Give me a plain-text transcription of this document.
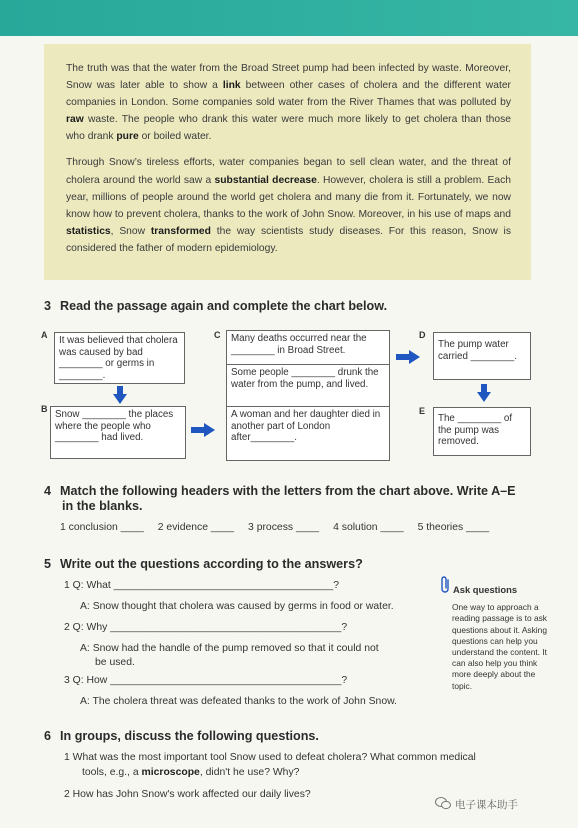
The truth was that the water from the Broad Street pump had been infected by waste. Moreover, Snow was later able to show a link between other cases of cholera and the different water companies in London. Some companies sold water from the River Thames that was polluted by raw waste. The people who drank this water were much more likely to get cholera than those who drank pure or boiled water.

Through Snow’s tireless efforts, water companies began to sell clean water, and the threat of cholera around the world saw a substantial decrease. However, cholera is still a problem. Each year, millions of people around the world get cholera and many die from it. Fortunately, we now know how to prevent cholera, thanks to the work of John Snow. Moreover, in his use of maps and statistics, Snow transformed the way scientists study diseases. For this reason, Snow is considered the father of modern epidemiology.

3 Read the passage again and complete the chart below.
A	It was believed that cholera was caused by bad ________ or germs in ________.
B Snow ________ the places where the people who ________ had lived.
C	Many deaths occurred near the ________ in Broad Street.
Some people ________ drunk the water from the pump, and lived.
A woman and her daughter died in another part of London after________.
D
The pump water carried ________.
E
The ________ of the pump was removed.
4 Match the following headers with the letters from the chart above. Write A–E
in the blanks.
1 conclusion ____ 2 evidence ____ 3 process ____ 4 solution ____ 5 theories ____
5 Write out the questions according to the answers?
1 Q: What ______________________________________?
A: Snow thought that cholera was caused by germs in food or water.
2 Q: Why ________________________________________?
A: Snow had the handle of the pump removed so that it could not
be used.
3 Q: How ________________________________________?
A: The cholera threat was defeated thanks to the work of John Snow.
Ask questions
One way to approach a reading passage is to ask questions about it. Asking questions can help you understand the content. It can also help you think more deeply about the topic.
6 In groups, discuss the following questions.
1 What was the most important tool Snow used to defeat cholera? What common medical
tools, e.g., a microscope, didn't he use? Why?
2 How has John Snow's work affected our daily lives?
电子课本助手
